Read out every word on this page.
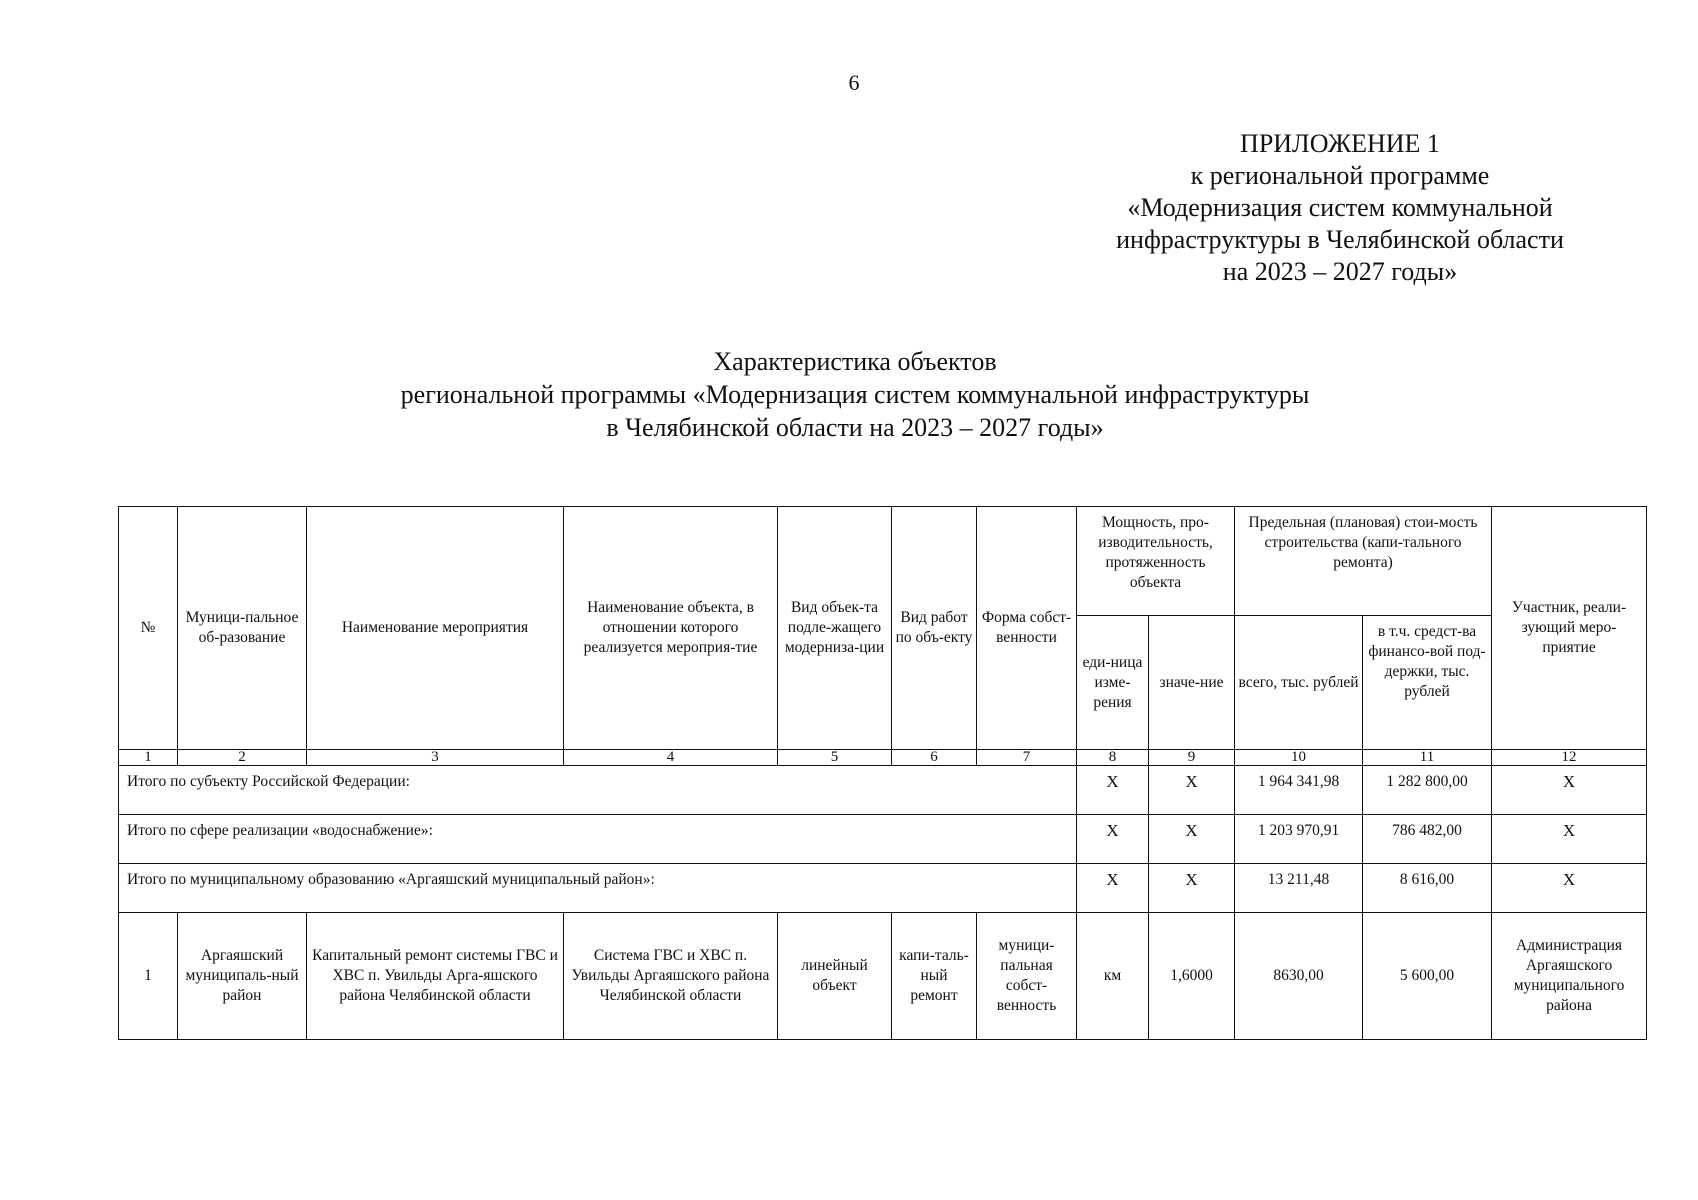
6
ПРИЛОЖЕНИЕ 1
к региональной программе
«Модернизация систем коммунальной
инфраструктуры в Челябинской области
на 2023 – 2027 годы»
Характеристика объектов
региональной программы «Модернизация систем коммунальной инфраструктуры
в Челябинской области на 2023 – 2027 годы»
№	Муници-пальное об-разование	Наименование мероприятия	Наименование объекта, в отношении которого реализуется мероприя-тие	Вид объек-та подле-жащего модерниза-ции	Вид работ по объ-екту	Форма собст-венности	Мощность, про-изводительность, протяженность объекта		Предельная (плановая) стои-мость строительства (капи-тального ремонта)		Участник, реали-зующий меро-приятие
							еди-ница изме-рения	значе-ние	всего, тыс. рублей	в т.ч. средст-ва финансо-вой под-держки, тыс. рублей	
1	2	3	4	5	6	7	8	9	10	11	12
Итого по субъекту Российской Федерации:							Х	Х	1 964 341,98	1 282 800,00	Х
Итого по сфере реализации «водоснабжение»:							Х	Х	1 203 970,91	786 482,00	Х
Итого по муниципальному образованию «Аргаяшский муниципальный район»:							Х	Х	13 211,48	8 616,00	Х
1	Аргаяшский муниципаль-ный район	Капитальный ремонт системы ГВС и ХВС п. Увильды Арга-яшского района Челябинской области	Система ГВС и ХВС п. Увильды Аргаяшского района Челябинской области	линейный объект	капи-таль-ный ремонт	муници-пальная собст-венность	км	1,6000	8630,00	5 600,00	Администрация Аргаяшского муниципального района
